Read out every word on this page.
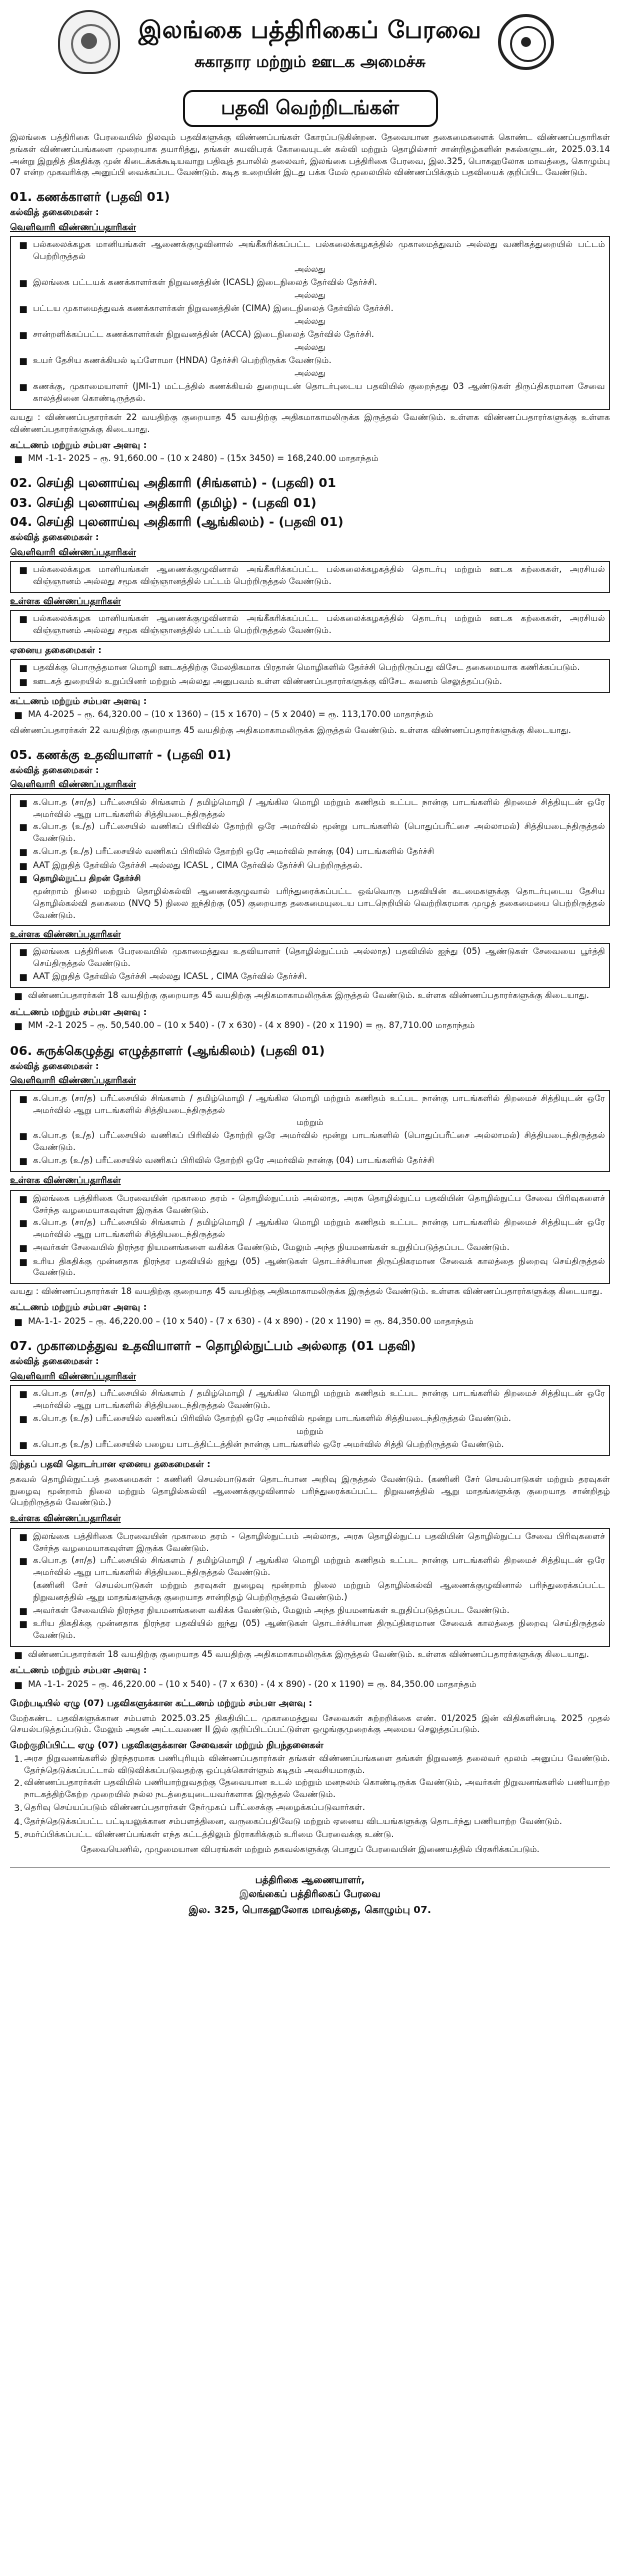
இலங்கை பத்திரிகைப் பேரவை
சுகாதார மற்றும் ஊடக அமைச்சு
பதவி வெற்றிடங்கள்

இலங்கை பத்திரிகை பேரவையில் நிலவும் பதவிகளுக்கு விண்ணப்பங்கள் கோரப்படுகின்றன. தேவையான தகைமைகளைக் கொண்ட விண்ணப்பதாரிகள் தங்கள் விண்ணப்பங்களை முறையாக தயாரித்து, தங்கள் சுயவிபரக் கோவையுடன் கல்வி மற்றும் தொழில்சார் சான்றிதழ்களின் நகல்களுடன், 2025.03.14 அன்று இறுதித் திகதிக்கு முன் கிடைக்கக்கூடியவாறு பதிவுத் தபாலில் தலைவர், இலங்கை பத்திரிகை பேரவை, இல.325, பொகஹலோக மாவத்தை, கொழும்பு 07 என்ற முகவரிக்கு அனுப்பி வைக்கப்பட வேண்டும். கடித உறையின் இடது பக்க மேல் மூலையில் விண்ணப்பிக்கும் பதவியைக் குறிப்பிட வேண்டும்.

01. கணக்காளர் (பதவி 01)
கல்வித் தகைமைகள் :
வெளிவாரி விண்ணப்பதாரிகள்
■ பல்கலைக்கழக மானியங்கள் ஆணைக்குழுவினால் அங்கீகரிக்கப்பட்ட பல்கலைக்கழகத்தில் முகாமைத்துவம் அல்லது வணிகத்துறையில் பட்டம் பெற்றிருத்தல்
அல்லது
■ இலங்கை பட்டயக் கணக்காளர்கள் நிறுவனத்தின் (ICASL) இடைநிலைத் தேர்வில் தேர்ச்சி.
அல்லது
■ பட்டய முகாமைத்துவக் கணக்காளர்கள் நிறுவனத்தின் (CIMA) இடைநிலைத் தேர்வில் தேர்ச்சி.
அல்லது
■ சான்றளிக்கப்பட்ட கணக்காளர்கள் நிறுவனத்தின் (ACCA) இடைநிலைத் தேர்வில் தேர்ச்சி.
அல்லது
■ உயர் தேசிய கணக்கியல் டிப்ளோமா (HNDA) தேர்ச்சி பெற்றிருக்க வேண்டும்.
அல்லது
■ கணக்கு, முகாமையாளர் (JMI-1) மட்டத்தில் கணக்கியல் துறையுடன் தொடர்புடைய பதவியில் குறைந்தது 03 ஆண்டுகள் திருப்திகரமான சேவை காலத்தினை கொண்டிருத்தல்.

வயது : விண்ணப்பதாரர்கள் 22 வயதிற்கு குறையாத 45 வயதிற்கு அதிகமாகாமலிருக்க இருத்தல் வேண்டும். உள்ளக விண்ணப்பதாரர்களுக்கு உள்ளக விண்ணப்பதாரர்களுக்கு கிடையாது.

கட்டணம் மற்றும் சம்பள அளவு :
■ MM -1-1- 2025 – ரூ. 91,660.00 – (10 x 2480) – (15x 3450) = 168,240.00 மாதாந்தம்
02. செய்தி புலனாய்வு அதிகாரி (சிங்களம்) - (பதவி) 01
03. செய்தி புலனாய்வு அதிகாரி (தமிழ்) - (பதவி 01)
04. செய்தி புலனாய்வு அதிகாரி (ஆங்கிலம்) - (பதவி 01)
கல்வித் தகைமைகள் :
வெளிவாரி விண்ணப்பதாரிகள்
■ பல்கலைக்கழக மானியங்கள் ஆணைக்குழுவினால் அங்கீகரிக்கப்பட்ட பல்கலைக்கழகத்தில் தொடர்பு மற்றும் ஊடக கற்கைகள், அரசியல் விஞ்ஞானம் அல்லது சமூக விஞ்ஞானத்தில் பட்டம் பெற்றிருத்தல் வேண்டும்.
உள்ளக விண்ணப்பதாரிகள்
■ பல்கலைக்கழக மானியங்கள் ஆணைக்குழுவினால் அங்கீகரிக்கப்பட்ட பல்கலைக்கழகத்தில் தொடர்பு மற்றும் ஊடக கற்கைகள், அரசியல் விஞ்ஞானம் அல்லது சமூக விஞ்ஞானத்தில் பட்டம் பெற்றிருத்தல் வேண்டும்.
ஏனைய தகைமைகள் :
■ பதவிக்கு பொருத்தமான மொழி ஊடகத்திற்கு மேலதிகமாக பிரதான் மொழிகளில் தேர்ச்சி பெற்றிருப்பது விசேட தகைமையாக கணிக்கப்படும்.
■ ஊடகத் துறையில் உறுப்பினர் மற்றும் அல்லது அனுபவம் உள்ள விண்ணப்பதாரர்களுக்கு விசேட கவனம் செலுத்தப்படும்.
கட்டணம் மற்றும் சம்பள அளவு :
■ MA 4-2025 – ரூ. 64,320.00 – (10 x 1360) – (15 x 1670) – (5 x 2040) = ரூ. 113,170.00 மாதாந்தம்

விண்ணப்பதாரர்கள் 22 வயதிற்கு குறையாத 45 வயதிற்கு அதிகமாகாமலிருக்க இருத்தல் வேண்டும். உள்ளக விண்ணப்பதாரர்களுக்கு கிடையாது.

05. கணக்கு உதவியாளர் - (பதவி 01)
கல்வித் தகைமைகள் :
வெளிவாரி விண்ணப்பதாரிகள்
■ க.பொ.த (சா/த) பரீட்சையில் சிங்களம் / தமிழ்மொழி / ஆங்கில மொழி மற்றும் கணிதம் உட்பட நான்கு பாடங்களில் திறமைச் சித்தியுடன் ஒரே அமர்வில் ஆறு பாடங்களில் சித்தியடைந்திருத்தல்
■ க.பொ.த (உ/த) பரீட்சையில் வணிகப் பிரிவில் தோற்றி ஒரே அமர்வில் மூன்று பாடங்களில் (பொதுப்பரீட்சை அல்லாமல்) சித்தியடைந்திருத்தல் வேண்டும்.
■ க.பொ.த (உ/த) பரீட்சையில் வணிகப் பிரிவில் தோற்றி ஒரே அமர்வில் நான்கு (04) பாடங்களில் தேர்ச்சி
■ AAT இறுதித் தேர்வில் தேர்ச்சி அல்லது ICASL , CIMA தேர்வில் தேர்ச்சி பெற்றிருத்தல்.
■ தொழில்நுட்ப திறன் தேர்ச்சி

மூன்றாம் நிலை மற்றும் தொழில்கல்வி ஆணைக்குழுவால் பரிந்துரைக்கப்பட்ட ஒவ்வொரு பதவியின் கடமைகளுக்கு தொடர்புடைய தேசிய தொழில்கல்வி தகைமை (NVQ 5) நிலை ஐந்திற்கு (05) குறையாத தகைமையுடைய பாடநெறியில் வெற்றிகரமாக முழுத் தகைமையை பெற்றிருத்தல் வேண்டும்.

உள்ளக விண்ணப்பதாரிகள்
■ இலங்கை பத்திரிகை பேரவையில் முகாமைத்துவ உதவியாளர் (தொழில்நுட்பம் அல்லாத) பதவியில் ஐந்து (05) ஆண்டுகள் சேவையை பூர்த்தி செய்திருத்தல் வேண்டும்.
■ AAT இறுதித் தேர்வில் தேர்ச்சி அல்லது ICASL , CIMA தேர்வில் தேர்ச்சி.
■ விண்ணப்பதாரர்கள் 18 வயதிற்கு குறையாத 45 வயதிற்கு அதிகமாகாமலிருக்க இருத்தல் வேண்டும். உள்ளக விண்ணப்பதாரர்களுக்கு கிடையாது.
கட்டணம் மற்றும் சம்பள அளவு :
■ MM -2-1 2025 – ரூ. 50,540.00 – (10 x 540) - (7 x 630) - (4 x 890) - (20 x 1190) = ரூ. 87,710.00 மாதாந்தம்
06. சுருக்கெழுத்து எழுத்தாளர் (ஆங்கிலம்) (பதவி 01)
கல்வித் தகைமைகள் :
வெளிவாரி விண்ணப்பதாரிகள்
■ க.பொ.த (சா/த) பரீட்சையில் சிங்களம் / தமிழ்மொழி / ஆங்கில மொழி மற்றும் கணிதம் உட்பட நான்கு பாடங்களில் திறமைச் சித்தியுடன் ஒரே அமர்வில் ஆறு பாடங்களில் சித்தியடைந்திருத்தல்
மற்றும்
■ க.பொ.த (உ/த) பரீட்சையில் வணிகப் பிரிவில் தோற்றி ஒரே அமர்வில் மூன்று பாடங்களில் (பொதுப்பரீட்சை அல்லாமல்) சித்தியடைந்திருத்தல் வேண்டும்.
■ க.பொ.த (உ/த) பரீட்சையில் வணிகப் பிரிவில் தோற்றி ஒரே அமர்வில் நான்கு (04) பாடங்களில் தேர்ச்சி
உள்ளக விண்ணப்பதாரிகள்
■ இலங்கை பத்திரிகை பேரவையின் முகாமை தரம் - தொழில்நுட்பம் அல்லாத, அரசு தொழில்நுட்ப பதவியின் தொழில்நுட்ப சேவை பிரிவுகளைச் சேர்ந்த வழமையாகவுள்ள இருக்க வேண்டும்.
■ க.பொ.த (சா/த) பரீட்சையில் சிங்களம் / தமிழ்மொழி / ஆங்கில மொழி மற்றும் கணிதம் உட்பட நான்கு பாடங்களில் திறமைச் சித்தியுடன் ஒரே அமர்வில் ஆறு பாடங்களில் சித்தியடைந்திருத்தல்
■ அவர்கள் சேவையில் நிரந்தர நியமனங்களை வகிக்க வேண்டும், மேலும் அந்த நியமனங்கள் உறுதிப்படுத்தப்பட வேண்டும்.
■ உரிய திகதிக்கு முன்னதாக நிரந்தர பதவியில் ஐந்து (05) ஆண்டுகள் தொடர்ச்சியான திருப்திகரமான சேவைக் காலத்தை நிறைவு செய்திருத்தல் வேண்டும்.

வயது : விண்ணப்பதாரர்கள் 18 வயதிற்கு குறையாத 45 வயதிற்கு அதிகமாகாமலிருக்க இருத்தல் வேண்டும். உள்ளக விண்ணப்பதாரர்களுக்கு கிடையாது.

கட்டணம் மற்றும் சம்பள அளவு :
■ MA-1-1- 2025 – ரூ. 46,220.00 – (10 x 540) - (7 x 630) - (4 x 890) - (20 x 1190) = ரூ. 84,350.00 மாதாந்தம்
07. முகாமைத்துவ உதவியாளர் – தொழில்நுட்பம் அல்லாத (01 பதவி)
கல்வித் தகைமைகள் :
வெளிவாரி விண்ணப்பதாரிகள்
■ க.பொ.த (சா/த) பரீட்சையில் சிங்களம் / தமிழ்மொழி / ஆங்கில மொழி மற்றும் கணிதம் உட்பட நான்கு பாடங்களில் திறமைச் சித்தியுடன் ஒரே அமர்வில் ஆறு பாடங்களில் சித்தியடைந்திருத்தல் வேண்டும்.
■ க.பொ.த (உ/த) பரீட்சையில் வணிகப் பிரிவில் தோற்றி ஒரே அமர்வில் மூன்று பாடங்களில் சித்தியடைந்திருத்தல் வேண்டும்.
மற்றும்
■ க.பொ.த (உ/த) பரீட்சையில் பழைய பாடத்திட்டத்தின் நான்கு பாடங்களில் ஒரே அமர்வில் சித்தி பெற்றிருத்தல் வேண்டும்.
இந்தப் பதவி தொடர்பான ஏனைய தகைமைகள் :

தகவல் தொழில்நுட்பத் தகைமைகள் : கணினி செயல்பாடுகள் தொடர்பான அறிவு இருத்தல் வேண்டும். (கணினி சேர் செயல்பாடுகள் மற்றும் தரவுகள் நுழைவு மூன்றாம் நிலை மற்றும் தொழில்கல்வி ஆணைக்குழுவினால் பரிந்துரைக்கப்பட்ட நிறுவனத்தில் ஆறு மாதங்களுக்கு குறையாத சான்றிதழ் பெற்றிருத்தல் வேண்டும்.)

உள்ளக விண்ணப்பதாரிகள்
■ இலங்கை பத்திரிகை பேரவையின் முகாமை தரம் - தொழில்நுட்பம் அல்லாத, அரசு தொழில்நுட்ப பதவியின் தொழில்நுட்ப சேவை பிரிவுகளைச் சேர்ந்த வழமையாகவுள்ள இருக்க வேண்டும்.
■ க.பொ.த (சா/த) பரீட்சையில் சிங்களம் / தமிழ்மொழி / ஆங்கில மொழி மற்றும் கணிதம் உட்பட நான்கு பாடங்களில் திறமைச் சித்தியுடன் ஒரே அமர்வில் ஆறு பாடங்களில் சித்தியடைந்திருத்தல் வேண்டும்.

(கணினி சேர் செயல்பாடுகள் மற்றும் தரவுகள் நுழைவு மூன்றாம் நிலை மற்றும் தொழில்கல்வி ஆணைக்குழுவினால் பரிந்துரைக்கப்பட்ட நிறுவனத்தில் ஆறு மாதங்களுக்கு குறையாத சான்றிதழ் பெற்றிருத்தல் வேண்டும்.)

■ அவர்கள் சேவையில் நிரந்தர நியமனங்களை வகிக்க வேண்டும், மேலும் அந்த நியமனங்கள் உறுதிப்படுத்தப்பட வேண்டும்.
■ உரிய திகதிக்கு முன்னதாக நிரந்தர பதவியில் ஐந்து (05) ஆண்டுகள் தொடர்ச்சியான திருப்திகரமான சேவைக் காலத்தை நிறைவு செய்திருத்தல் வேண்டும்.
■ விண்ணப்பதாரர்கள் 18 வயதிற்கு குறையாத 45 வயதிற்கு அதிகமாகாமலிருக்க இருத்தல் வேண்டும். உள்ளக விண்ணப்பதாரர்களுக்கு கிடையாது.
கட்டணம் மற்றும் சம்பள அளவு :
■ MA -1-1- 2025 – ரூ. 46,220.00 – (10 x 540) - (7 x 630) - (4 x 890) - (20 x 1190) = ரூ. 84,350.00 மாதாந்தம்
மேற்படியில் ஏழு (07) பதவிகளுக்கான கட்டணம் மற்றும் சம்பள அளவு :

மேற்கண்ட பதவிகளுக்கான சம்பளம் 2025.03.25 திகதியிட்ட முகாமைத்துவ சேவைகள் சுற்றறிக்கை எண். 01/2025 இன் விதிகளின்படி 2025 முதல் செயல்படுத்தப்படும். மேலும் அதன் அட்டவணை II இல் குறிப்பிடப்பட்டுள்ள ஒழுங்குமுறைக்கு அமைய செலுத்தப்படும்.

மேற்குறிப்பிட்ட ஏழு (07) பதவிகளுக்கான சேவைகள் மற்றும் நிபந்தனைகள்
1. அரச நிறுவனங்களில் நிரந்தரமாக பணிபுரியும் விண்ணப்பதாரர்கள் தங்கள் விண்ணப்பங்களை தங்கள் நிறுவனத் தலைவர் மூலம் அனுப்ப வேண்டும். தேர்ந்தெடுக்கப்பட்டால் விடுவிக்கப்படுவதற்கு ஒப்புக்கொள்ளும் கடிதம் அவசியமாகும்.
2. விண்ணப்பதாரர்கள் பதவியில் பணியாற்றுவதற்கு தேவையான உடல் மற்றும் மனநலம் கொண்டிருக்க வேண்டும், அவர்கள் நிறுவனங்களில் பணியாற்ற நாடகத்திற்கேற்ற முறையில் நல்ல நடத்தையுடையவர்களாக இருத்தல் வேண்டும்.
3. தெரிவு செய்யப்படும் விண்ணப்பதாரர்கள் நேர்முகப் பரீட்சைக்கு அழைக்கப்படுவார்கள்.
4. தேர்ந்தெடுக்கப்பட்ட பட்டியலுக்கான சம்பளத்தினை, வருகைப்பதிவேடு மற்றும் ஏனைய விடயங்களுக்கு தொடர்ந்து பணியாற்ற வேண்டும்.
5. சமர்ப்பிக்கப்பட்ட விண்ணப்பங்கள் எந்த கட்டத்திலும் நிராகரிக்கும் உரிமை பேரவைக்கு உண்டு.

தேவையெனில், முழுமையான விபரங்கள் மற்றும் தகவல்களுக்கு பொதுப் பேரவையின் இணையத்தில் பிரசுரிக்கப்படும்.

பத்திரிகை ஆணையாளர்,
இலங்கைப் பத்திரிகைப் பேரவை
இல. 325, பொகஹலோக மாவத்தை, கொழும்பு 07.
